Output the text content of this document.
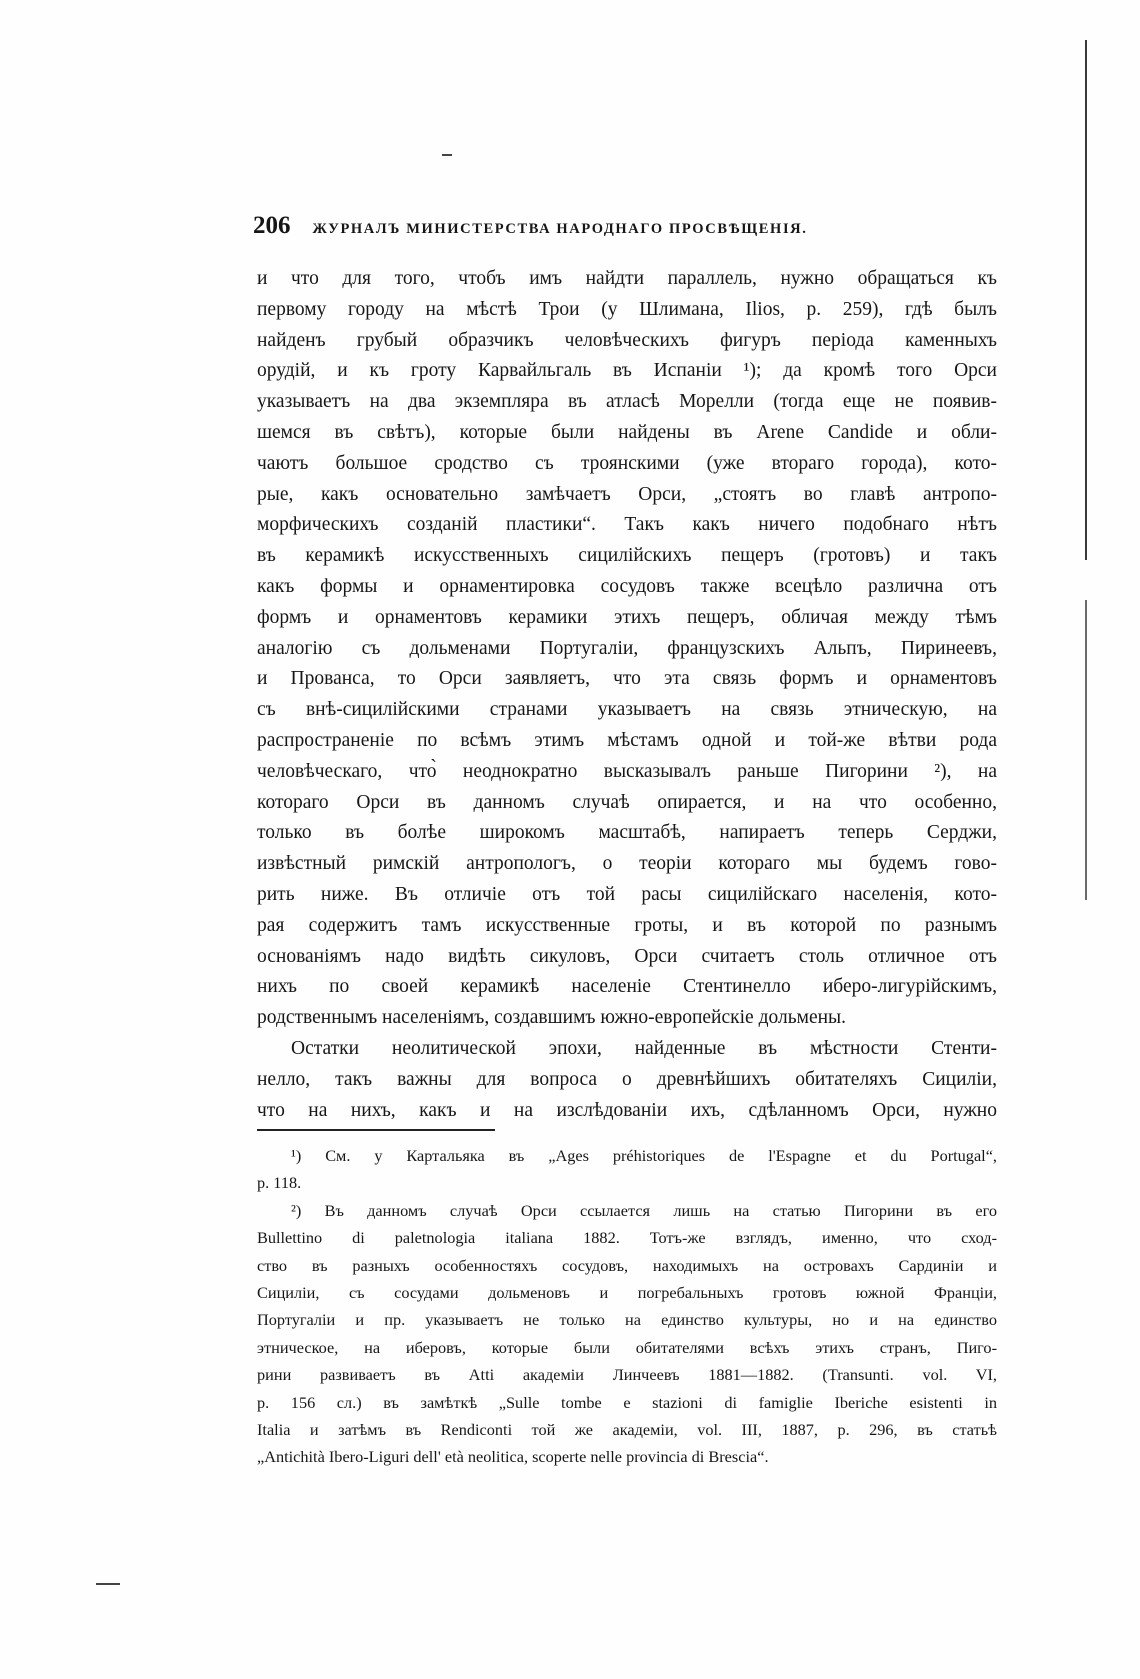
206 ЖУРНАЛЪ МИНИСТЕРСТВА НАРОДНАГО ПРОСВѢЩЕНІЯ.
и что для того, чтобъ имъ найдти параллель, нужно обращаться къ
первому городу на мѣстѣ Трои (у Шлимана, Ilios, p. 259), гдѣ былъ
найденъ грубый образчикъ человѣческихъ фигуръ періода каменныхъ
орудій, и къ гроту Карвайльгаль въ Испаніи ¹); да кромѣ того Орси
указываетъ на два экземпляра въ атласѣ Морелли (тогда еще не появив-
шемся въ свѣтъ), которые были найдены въ Arene Candide и обли-
чаютъ большое сродство съ троянскими (уже втораго города), кото-
рые, какъ основательно замѣчаетъ Орси, „стоятъ во главѣ антропо-
морфическихъ созданій пластики“. Такъ какъ ничего подобнаго нѣтъ
въ керамикѣ искусственныхъ сицилійскихъ пещеръ (гротовъ) и такъ
какъ формы и орнаментировка сосудовъ также всецѣло различна отъ
формъ и орнаментовъ керамики этихъ пещеръ, обличая между тѣмъ
аналогію съ дольменами Португаліи, французскихъ Альпъ, Пиринеевъ,
и Прованса, то Орси заявляетъ, что эта связь формъ и орнаментовъ
съ внѣ-сицилійскими странами указываетъ на связь этническую, на
распространеніе по всѣмъ этимъ мѣстамъ одной и той-же вѣтви рода
человѣческаго, что̀ неоднократно высказывалъ раньше Пигорини ²), на
котораго Орси въ данномъ случаѣ опирается, и на что особенно,
только въ болѣе широкомъ масштабѣ, напираетъ теперь Серджи,
извѣстный римскій антропологъ, о теоріи котораго мы будемъ гово-
рить ниже. Въ отличіе отъ той расы сицилійскаго населенія, кото-
рая содержитъ тамъ искусственные гроты, и въ которой по разнымъ
основаніямъ надо видѣть сикуловъ, Орси считаетъ столь отличное отъ
нихъ по своей керамикѣ населеніе Стентинелло иберо-лигурійскимъ,
родственнымъ населеніямъ, создавшимъ южно-европейскіе дольмены.
Остатки неолитической эпохи, найденные въ мѣстности Стенти-
нелло, такъ важны для вопроса о древнѣйшихъ обитателяхъ Сициліи,
что на нихъ, какъ и на изслѣдованіи ихъ, сдѣланномъ Орси, нужно
¹) См. у Картальяка въ „Ages préhistoriques de l'Espagne et du Portugal“,
p. 118.
²) Въ данномъ случаѣ Орси ссылается лишь на статью Пигорини въ его
Bullettino di paletnologia italiana 1882. Тотъ-же взглядъ, именно, что сход-
ство въ разныхъ особенностяхъ сосудовъ, находимыхъ на островахъ Сардиніи и
Сициліи, съ сосудами дольменовъ и погребальныхъ гротовъ южной Франціи,
Португаліи и пр. указываетъ не только на единство культуры, но и на единство
этническое, на иберовъ, которые были обитателями всѣхъ этихъ странъ, Пиго-
рини развиваетъ въ Atti академіи Линчеевъ 1881—1882. (Transunti. vol. VI,
p. 156 сл.) въ замѣткѣ „Sulle tombe e stazioni di famiglie Iberiche esistenti in
Italia и затѣмъ въ Rendiconti той же академіи, vol. III, 1887, p. 296, въ статьѣ
„Antichità Ibero-Liguri dell' età neolitica, scoperte nelle provincia di Brescia“.
